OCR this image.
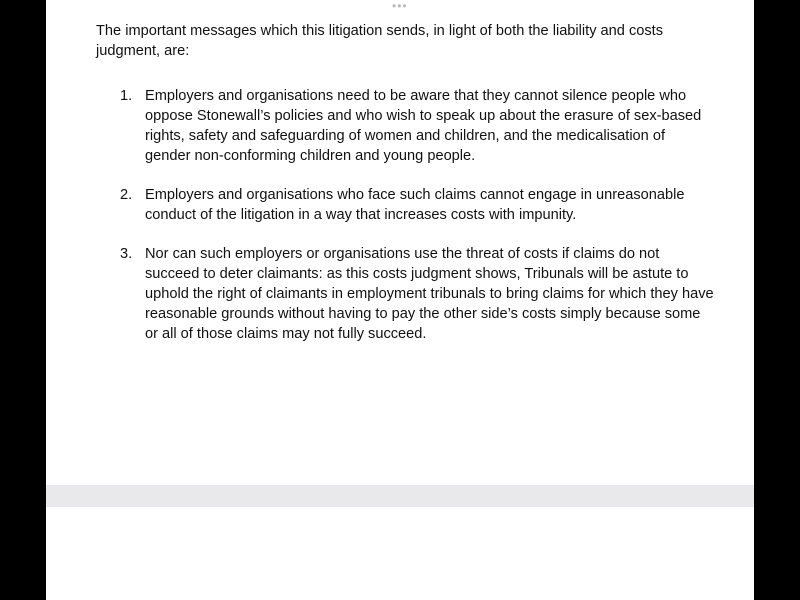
•••

The important messages which this litigation sends, in light of both the liability and costs judgment, are:

1. Employers and organisations need to be aware that they cannot silence people who oppose Stonewall’s policies and who wish to speak up about the erasure of sex-based rights, safety and safeguarding of women and children, and the medicalisation of gender non-conforming children and young people.
2. Employers and organisations who face such claims cannot engage in unreasonable conduct of the litigation in a way that increases costs with impunity.
3. Nor can such employers or organisations use the threat of costs if claims do not succeed to deter claimants: as this costs judgment shows, Tribunals will be astute to uphold the right of claimants in employment tribunals to bring claims for which they have reasonable grounds without having to pay the other side’s costs simply because some or all of those claims may not fully succeed.
